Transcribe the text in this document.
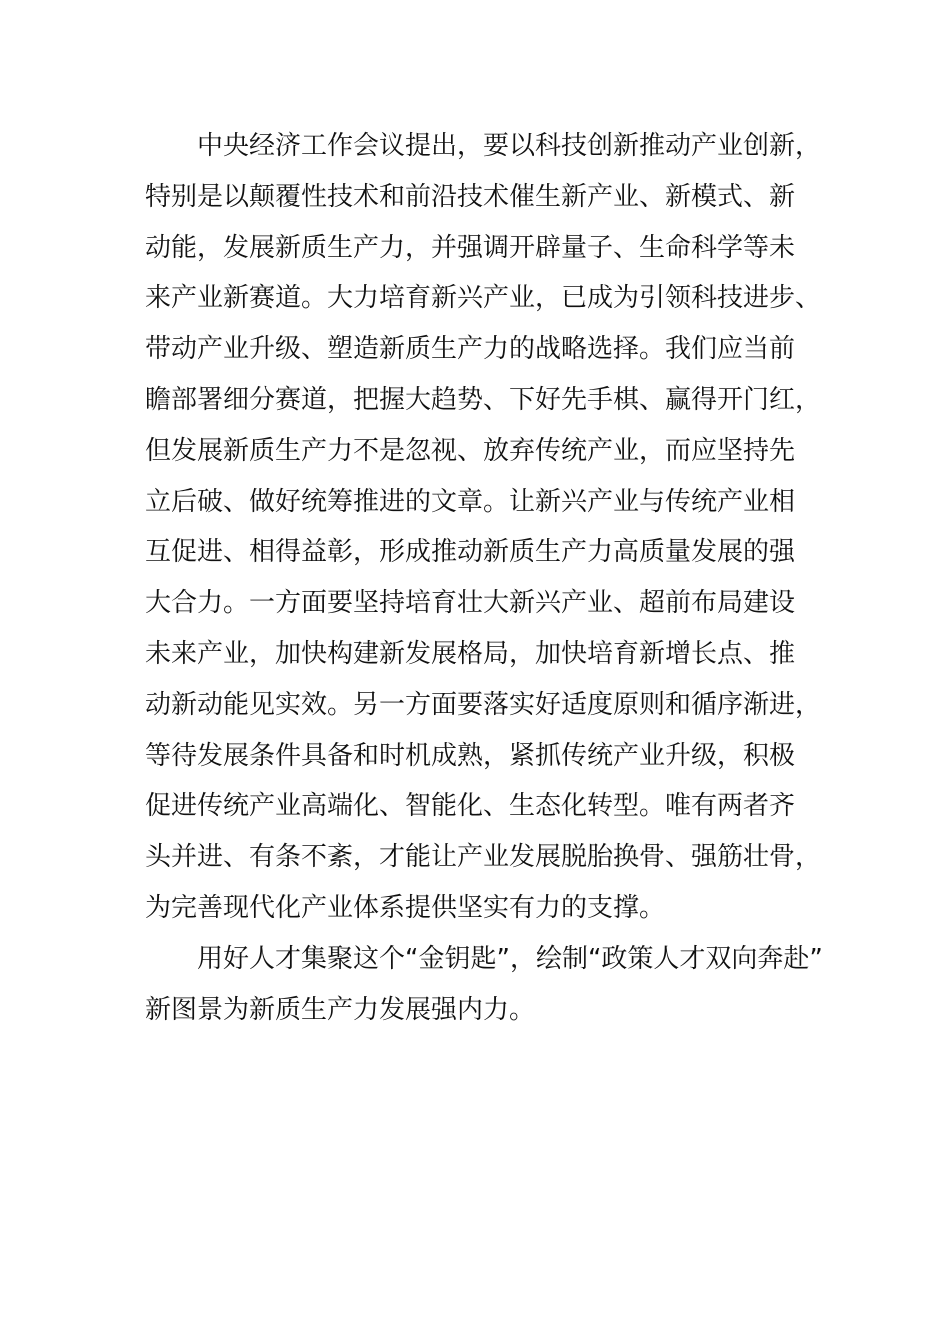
中央经济工作会议提出，要以科技创新推动产业创新，
特别是以颠覆性技术和前沿技术催生新产业、新模式、新
动能，发展新质生产力，并强调开辟量子、生命科学等未
来产业新赛道。大力培育新兴产业，已成为引领科技进步、
带动产业升级、塑造新质生产力的战略选择。我们应当前
瞻部署细分赛道，把握大趋势、下好先手棋、赢得开门红，
但发展新质生产力不是忽视、放弃传统产业，而应坚持先
立后破、做好统筹推进的文章。让新兴产业与传统产业相
互促进、相得益彰，形成推动新质生产力高质量发展的强
大合力。一方面要坚持培育壮大新兴产业、超前布局建设
未来产业，加快构建新发展格局，加快培育新增长点、推
动新动能见实效。另一方面要落实好适度原则和循序渐进，
等待发展条件具备和时机成熟，紧抓传统产业升级，积极
促进传统产业高端化、智能化、生态化转型。唯有两者齐
头并进、有条不紊，才能让产业发展脱胎换骨、强筋壮骨，
为完善现代化产业体系提供坚实有力的支撑。
用好人才集聚这个“金钥匙”，绘制“政策人才双向奔赴”
新图景为新质生产力发展强内力。
